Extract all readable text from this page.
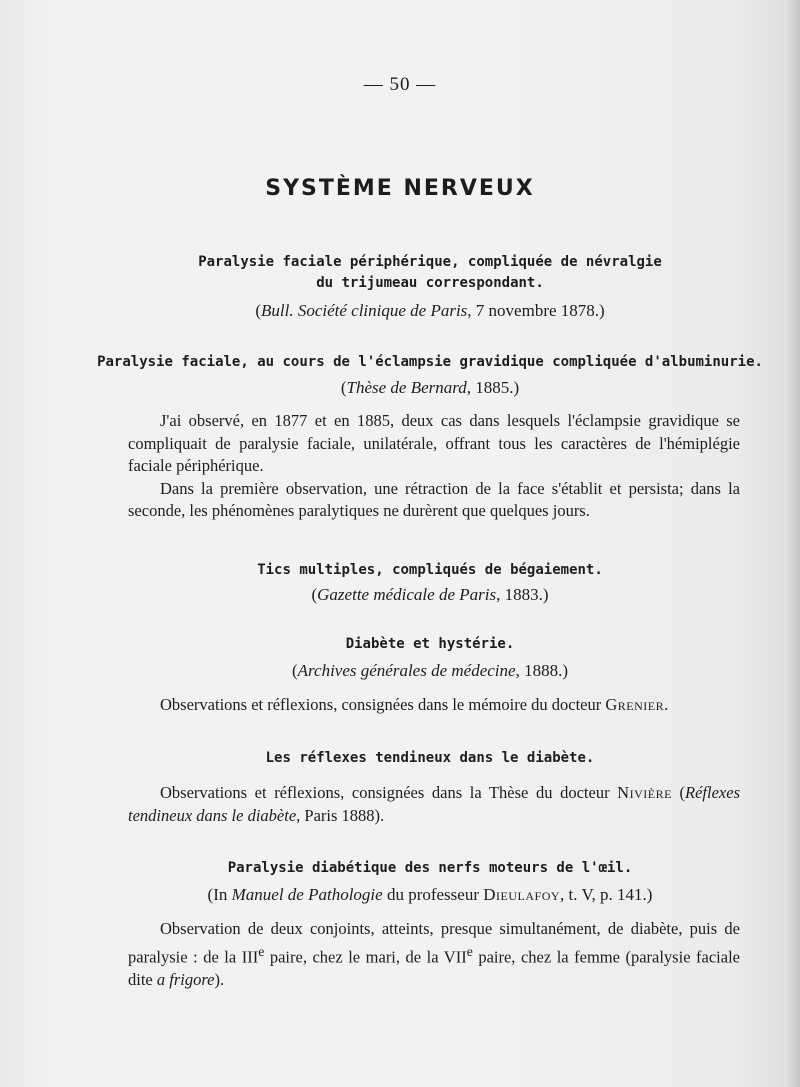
— 50 —
SYSTÈME NERVEUX
Paralysie faciale périphérique, compliquée de névralgie
du trijumeau correspondant.
(Bull. Société clinique de Paris, 7 novembre 1878.)
Paralysie faciale, au cours de l'éclampsie gravidique compliquée d'albuminurie.
(Thèse de Bernard, 1885.)

J'ai observé, en 1877 et en 1885, deux cas dans lesquels l'éclampsie gravidique se compliquait de paralysie faciale, unilatérale, offrant tous les caractères de l'hémiplégie faciale périphérique.

Dans la première observation, une rétraction de la face s'établit et persista; dans la seconde, les phénomènes paralytiques ne durèrent que quelques jours.

Tics multiples, compliqués de bégaiement.
(Gazette médicale de Paris, 1883.)
Diabète et hystérie.
(Archives générales de médecine, 1888.)

Observations et réflexions, consignées dans le mémoire du docteur Grenier.

Les réflexes tendineux dans le diabète.

Observations et réflexions, consignées dans la Thèse du docteur Nivière (Réflexes tendineux dans le diabète, Paris 1888).

Paralysie diabétique des nerfs moteurs de l'œil.
(In Manuel de Pathologie du professeur Dieulafoy, t. V, p. 141.)

Observation de deux conjoints, atteints, presque simultanément, de diabète, puis de paralysie : de la IIIe paire, chez le mari, de la VIIe paire, chez la femme (paralysie faciale dite a frigore).
